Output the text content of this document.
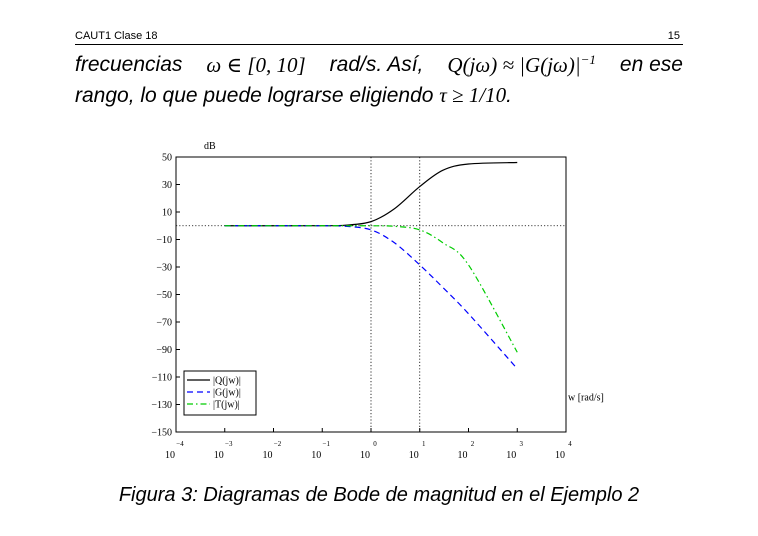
CAUT1 Clase 18	15
frecuencias ω ∈ [0, 10] rad/s. Así, $Q(j\omega) \approx |G(j\omega)|^{-1}$ en ese
rango, lo que puede lograrse eligiendo τ ≥ 1/10.
50
30
10
−10
−30
−50
−70
−90
−110
−130
−150
−4
10
−3
10
−2
10
−1
10
0
10
1
10
2
10
3
10
4
10
dB
w [rad/s]
|Q(jw)|
|G(jw)|
|T(jw)|
Figura 3: Diagramas de Bode de magnitud en el Ejemplo 2
